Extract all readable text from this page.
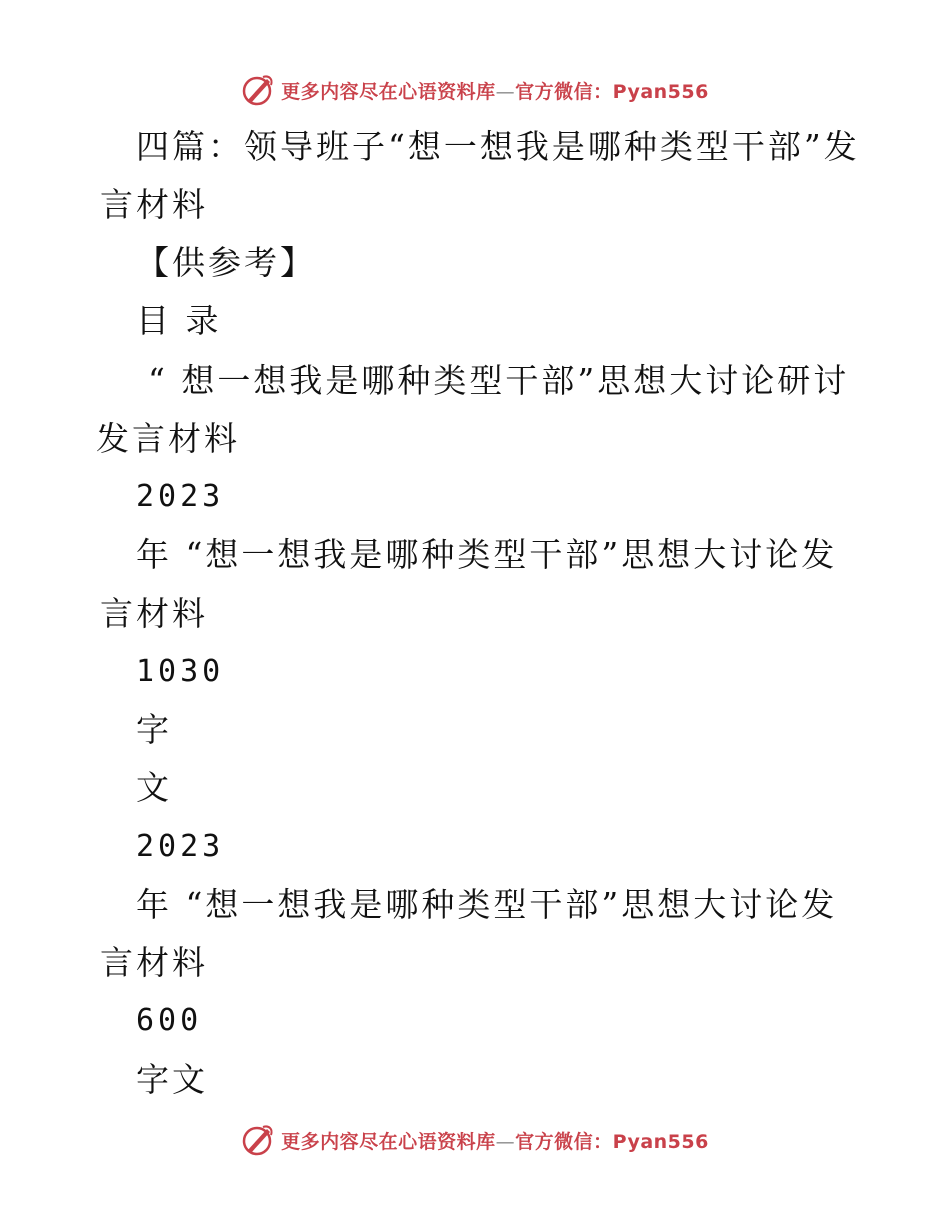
更多内容尽在心语资料库—官方微信：Pyan556
四篇：领导班子“想一想我是哪种类型干部”发
言材料
【供参考】
目 录
“ 想一想我是哪种类型干部”思想大讨论研讨
发言材料
2023
年 “想一想我是哪种类型干部”思想大讨论发
言材料
1030
字
文
2023
年 “想一想我是哪种类型干部”思想大讨论发
言材料
600
字文
更多内容尽在心语资料库—官方微信：Pyan556
